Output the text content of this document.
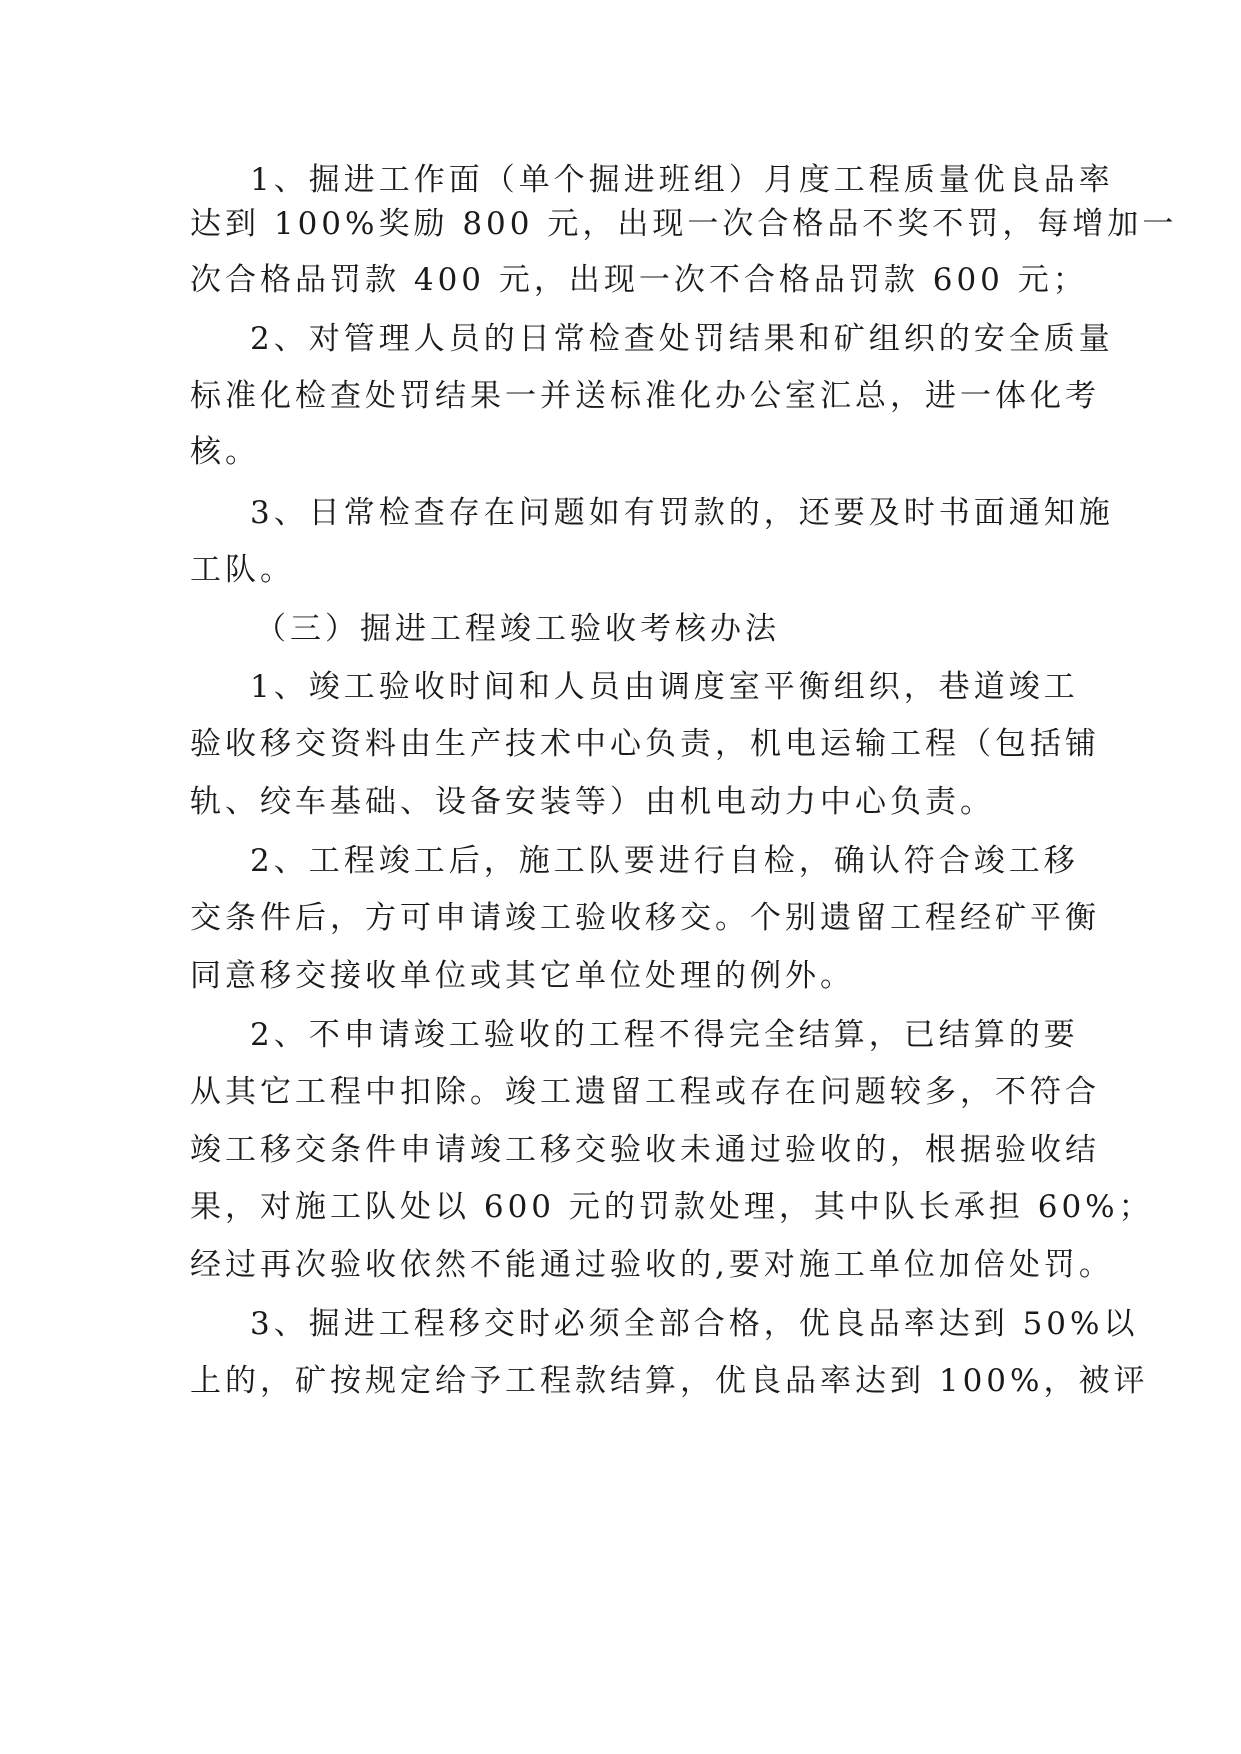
1、掘进工作面（单个掘进班组）月度工程质量优良品率
达到 100%奖励 800 元，出现一次合格品不奖不罚，每增加一
次合格品罚款 400 元，出现一次不合格品罚款 600 元；
2、对管理人员的日常检查处罚结果和矿组织的安全质量
标准化检查处罚结果一并送标准化办公室汇总，进一体化考
核。
3、日常检查存在问题如有罚款的，还要及时书面通知施
工队。
（三）掘进工程竣工验收考核办法
1、竣工验收时间和人员由调度室平衡组织，巷道竣工
验收移交资料由生产技术中心负责，机电运输工程（包括铺
轨、绞车基础、设备安装等）由机电动力中心负责。
2、工程竣工后，施工队要进行自检，确认符合竣工移
交条件后，方可申请竣工验收移交。个别遗留工程经矿平衡
同意移交接收单位或其它单位处理的例外。
2、不申请竣工验收的工程不得完全结算，已结算的要
从其它工程中扣除。竣工遗留工程或存在问题较多，不符合
竣工移交条件申请竣工移交验收未通过验收的，根据验收结
果，对施工队处以 600 元的罚款处理，其中队长承担 60%；
经过再次验收依然不能通过验收的,要对施工单位加倍处罚。
3、掘进工程移交时必须全部合格，优良品率达到 50%以
上的，矿按规定给予工程款结算，优良品率达到 100%，被评
